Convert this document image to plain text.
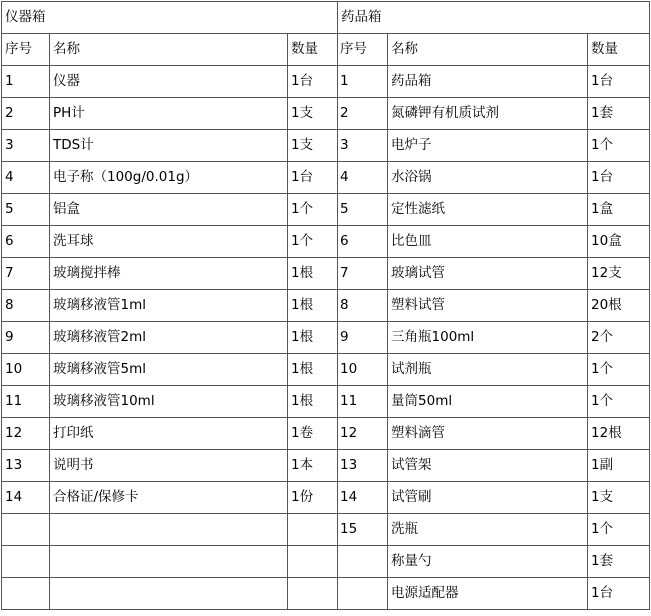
仪器箱			药品箱		
序号	名称	数量	序号	名称	数量
1	仪器	1台	1	药品箱	1台
2	PH计	1支	2	氮磷钾有机质试剂	1套
3	TDS计	1支	3	电炉子	1个
4	电子称（100g/0.01g）	1台	4	水浴锅	1台
5	铝盒	1个	5	定性滤纸	1盒
6	洗耳球	1个	6	比色皿	10盒
7	玻璃搅拌棒	1根	7	玻璃试管	12支
8	玻璃移液管1ml	1根	8	塑料试管	20根
9	玻璃移液管2ml	1根	9	三角瓶100ml	2个
10	玻璃移液管5ml	1根	10	试剂瓶	1个
11	玻璃移液管10ml	1根	11	量筒50ml	1个
12	打印纸	1卷	12	塑料滴管	12根
13	说明书	1本	13	试管架	1副
14	合格证/保修卡	1份	14	试管刷	1支
			15	洗瓶	1个
				称量勺	1套
				电源适配器	1台
